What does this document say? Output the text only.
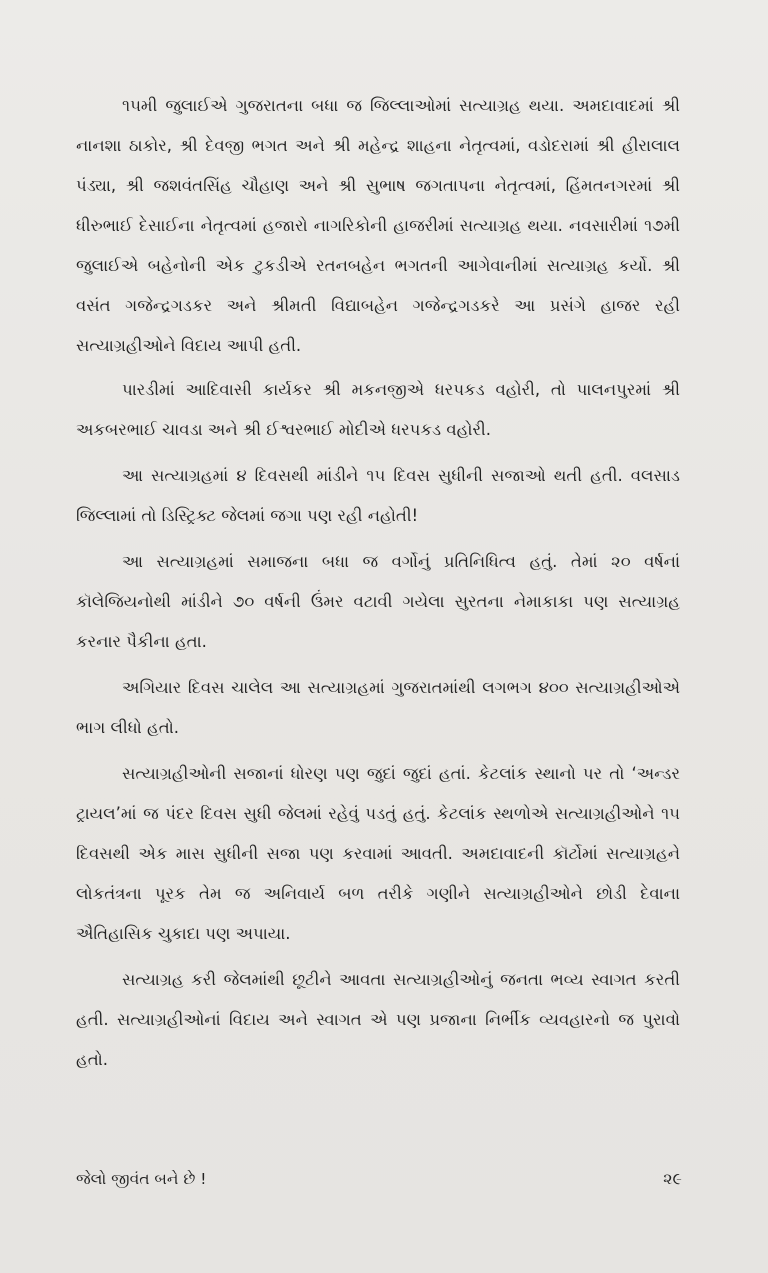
૧૫મી જુલાઈએ ગુજરાતના બધા જ જિલ્લાઓમાં સત્યાગ્રહ થયા. અમદાવાદમાં શ્રી નાનશા ઠાકોર, શ્રી દેવજી ભગત અને શ્રી મહેન્દ્ર શાહના નેતૃત્વમાં, વડોદરામાં શ્રી હીરાલાલ પંડ્યા, શ્રી જશવંતસિંહ ચૌહાણ અને શ્રી સુભાષ જગતાપના નેતૃત્વમાં, હિંમતનગરમાં શ્રી ધીરુભાઈ દેસાઈના નેતૃત્વમાં હજારો નાગરિકોની હાજરીમાં સત્યાગ્રહ થયા. નવસારીમાં ૧૭મી જુલાઈએ બહેનોની એક ટુકડીએ રતનબહેન ભગતની આગેવાનીમાં સત્યાગ્રહ કર્યો. શ્રી વસંત ગજેન્દ્રગડકર અને શ્રીમતી વિદ્યાબહેન ગજેન્દ્રગડકરે આ પ્રસંગે હાજર રહી સત્યાગ્રહીઓને વિદાય આપી હતી.

પારડીમાં આદિવાસી કાર્યકર શ્રી મકનજીએ ધરપકડ વહોરી, તો પાલનપુરમાં શ્રી અકબરભાઈ ચાવડા અને શ્રી ઈશ્વરભાઈ મોદીએ ધરપકડ વહોરી.

આ સત્યાગ્રહમાં ૪ દિવસથી માંડીને ૧૫ દિવસ સુધીની સજાઓ થતી હતી. વલસાડ જિલ્લામાં તો ડિસ્ટ્રિક્ટ જેલમાં જગા પણ રહી નહોતી!

આ સત્યાગ્રહમાં સમાજના બધા જ વર્ગોનું પ્રતિનિધિત્વ હતું. તેમાં ૨૦ વર્ષનાં કૉલેજિયનોથી માંડીને ૭૦ વર્ષની ઉંમર વટાવી ગયેલા સુરતના નેમાકાકા પણ સત્યાગ્રહ કરનાર પૈકીના હતા.

અગિયાર દિવસ ચાલેલ આ સત્યાગ્રહમાં ગુજરાતમાંથી લગભગ ૪૦૦ સત્યાગ્રહીઓએ ભાગ લીધો હતો.

સત્યાગ્રહીઓની સજાનાં ધોરણ પણ જુદાં જુદાં હતાં. કેટલાંક સ્થાનો પર તો ‘અન્ડર ટ્રાયલ’માં જ પંદર દિવસ સુધી જેલમાં રહેવું પડતું હતું. કેટલાંક સ્થળોએ સત્યાગ્રહીઓને ૧૫ દિવસથી એક માસ સુધીની સજા પણ કરવામાં આવતી. અમદાવાદની કૉર્ટોમાં સત્યાગ્રહને લોકતંત્રના પૂરક તેમ જ અનિવાર્ય બળ તરીકે ગણીને સત્યાગ્રહીઓને છોડી દેવાના ઐતિહાસિક ચુકાદા પણ અપાયા.

સત્યાગ્રહ કરી જેલમાંથી છૂટીને આવતા સત્યાગ્રહીઓનું જનતા ભવ્ય સ્વાગત કરતી હતી. સત્યાગ્રહીઓનાં વિદાય અને સ્વાગત એ પણ પ્રજાના નિર્ભીક વ્યવહારનો જ પુરાવો હતો.

જેલો જીવંત બને છે !	૨૯
